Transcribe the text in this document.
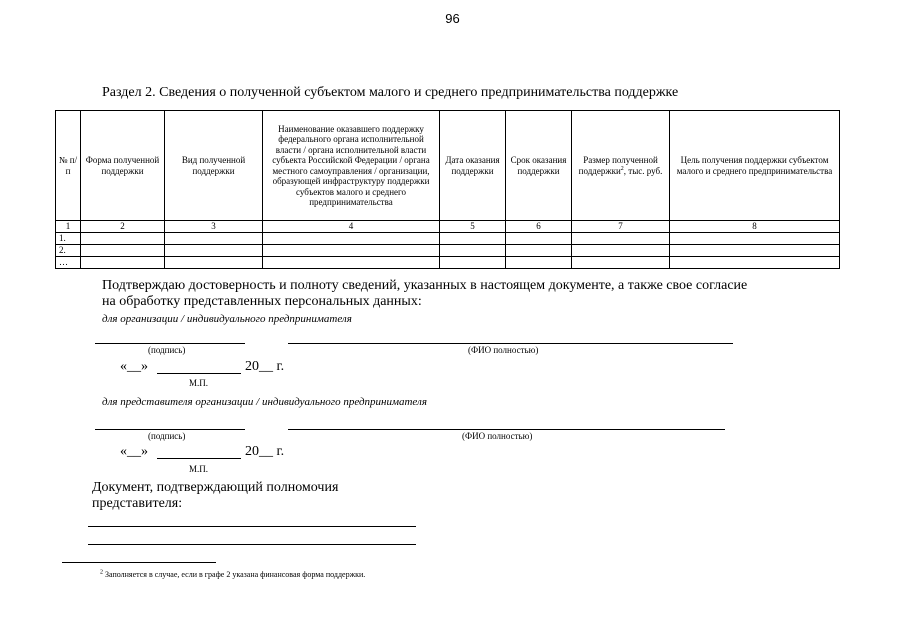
96
Раздел 2. Сведения о полученной субъектом малого и среднего предпринимательства поддержке
№ п/п	Форма полученной поддержки	Вид полученной поддержки	Наименование оказавшего поддержку федерального органа исполнительной власти / органа исполнительной власти субъекта Российской Федерации / органа местного самоуправления / организации, образующей инфраструктуру поддержки субъектов малого и среднего предпринимательства	Дата оказания поддержки	Срок оказания поддержки	Размер полученной поддержки$^2$, тыс. руб.	Цель получения поддержки субъектом малого и среднего предпринимательства
1	2	3	4	5	6	7	8
1.							
2.							
…							
Подтверждаю достоверность и полноту сведений, указанных в настоящем документе, а также свое согласие
на обработку представленных персональных данных:
для организации / индивидуального предпринимателя
(подпись)	(ФИО полностью)
«__»	20__ г.
М.П.
для представителя организации / индивидуального предпринимателя
(подпись)	(ФИО полностью)
«__»	20__ г.
М.П.
Документ, подтверждающий полномочия
представителя:
$^2$ Заполняется в случае, если в графе 2 указана финансовая форма поддержки.
